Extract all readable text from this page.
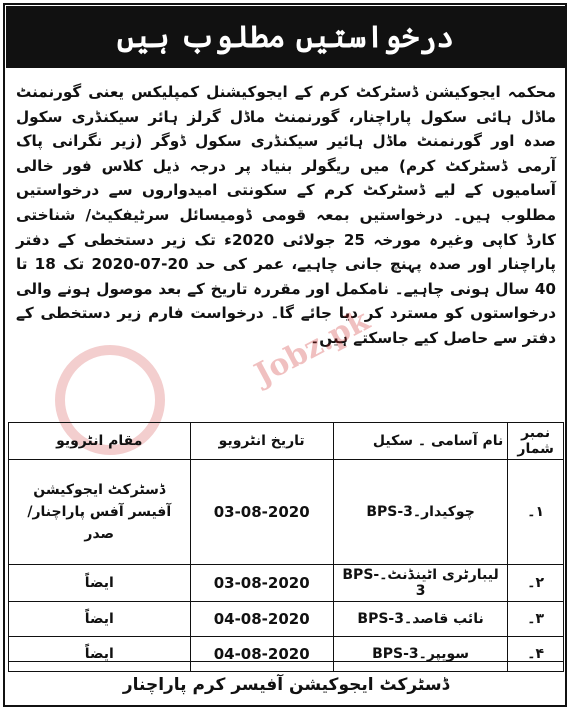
درخواستیں مطلوب ہیں
محکمہ ایجوکیشن ڈسٹرکٹ کرم کے ایجوکیشنل کمپلیکس یعنی گورنمنٹ ماڈل ہائی سکول پاراچنار، گورنمنٹ ماڈل گرلز ہائر سیکنڈری سکول صدہ اور گورنمنٹ ماڈل ہائیر سیکنڈری سکول ڈوگر (زیر نگرانی پاک آرمی ڈسٹرکٹ کرم) میں ریگولر بنیاد پر درجہ ذیل کلاس فور خالی آسامیوں کے لیے ڈسٹرکٹ کرم کے سکونتی امیدواروں سے درخواستیں مطلوب ہیں۔ درخواستیں بمعہ قومی ڈومیسائل سرٹیفکیٹ/ شناختی کارڈ کاپی وغیرہ مورخہ 25 جولائی 2020ء تک زیر دستخطی کے دفتر پاراچنار اور صدہ پہنچ جانی چاہیے، عمر کی حد 20-07-2020 تک 18 تا 40 سال ہونی چاہیے۔ نامکمل اور مقررہ تاریخ کے بعد موصول ہونے والی درخواستوں کو مسترد کر دیا جائے گا۔ درخواست فارم زیر دستخطی کے دفتر سے حاصل کیے جاسکتے ہیں۔
Jobz.pk
نمبر شمار	نام آسامی ۔ سکیل	تاریخ انٹرویو	مقام انٹرویو
۱۔	چوکیدار۔BPS-3	03-08-2020	ڈسٹرکٹ ایجوکیشن آفیسر آفس پاراچنار/صدر
۲۔	لیبارٹری اٹینڈنٹ۔BPS-3	03-08-2020	ایضاً
۳۔	نائب قاصد۔BPS-3	04-08-2020	ایضاً
۴۔	سویپر۔BPS-3	04-08-2020	ایضاً
ڈسٹرکٹ ایجوکیشن آفیسر کرم پاراچنار
